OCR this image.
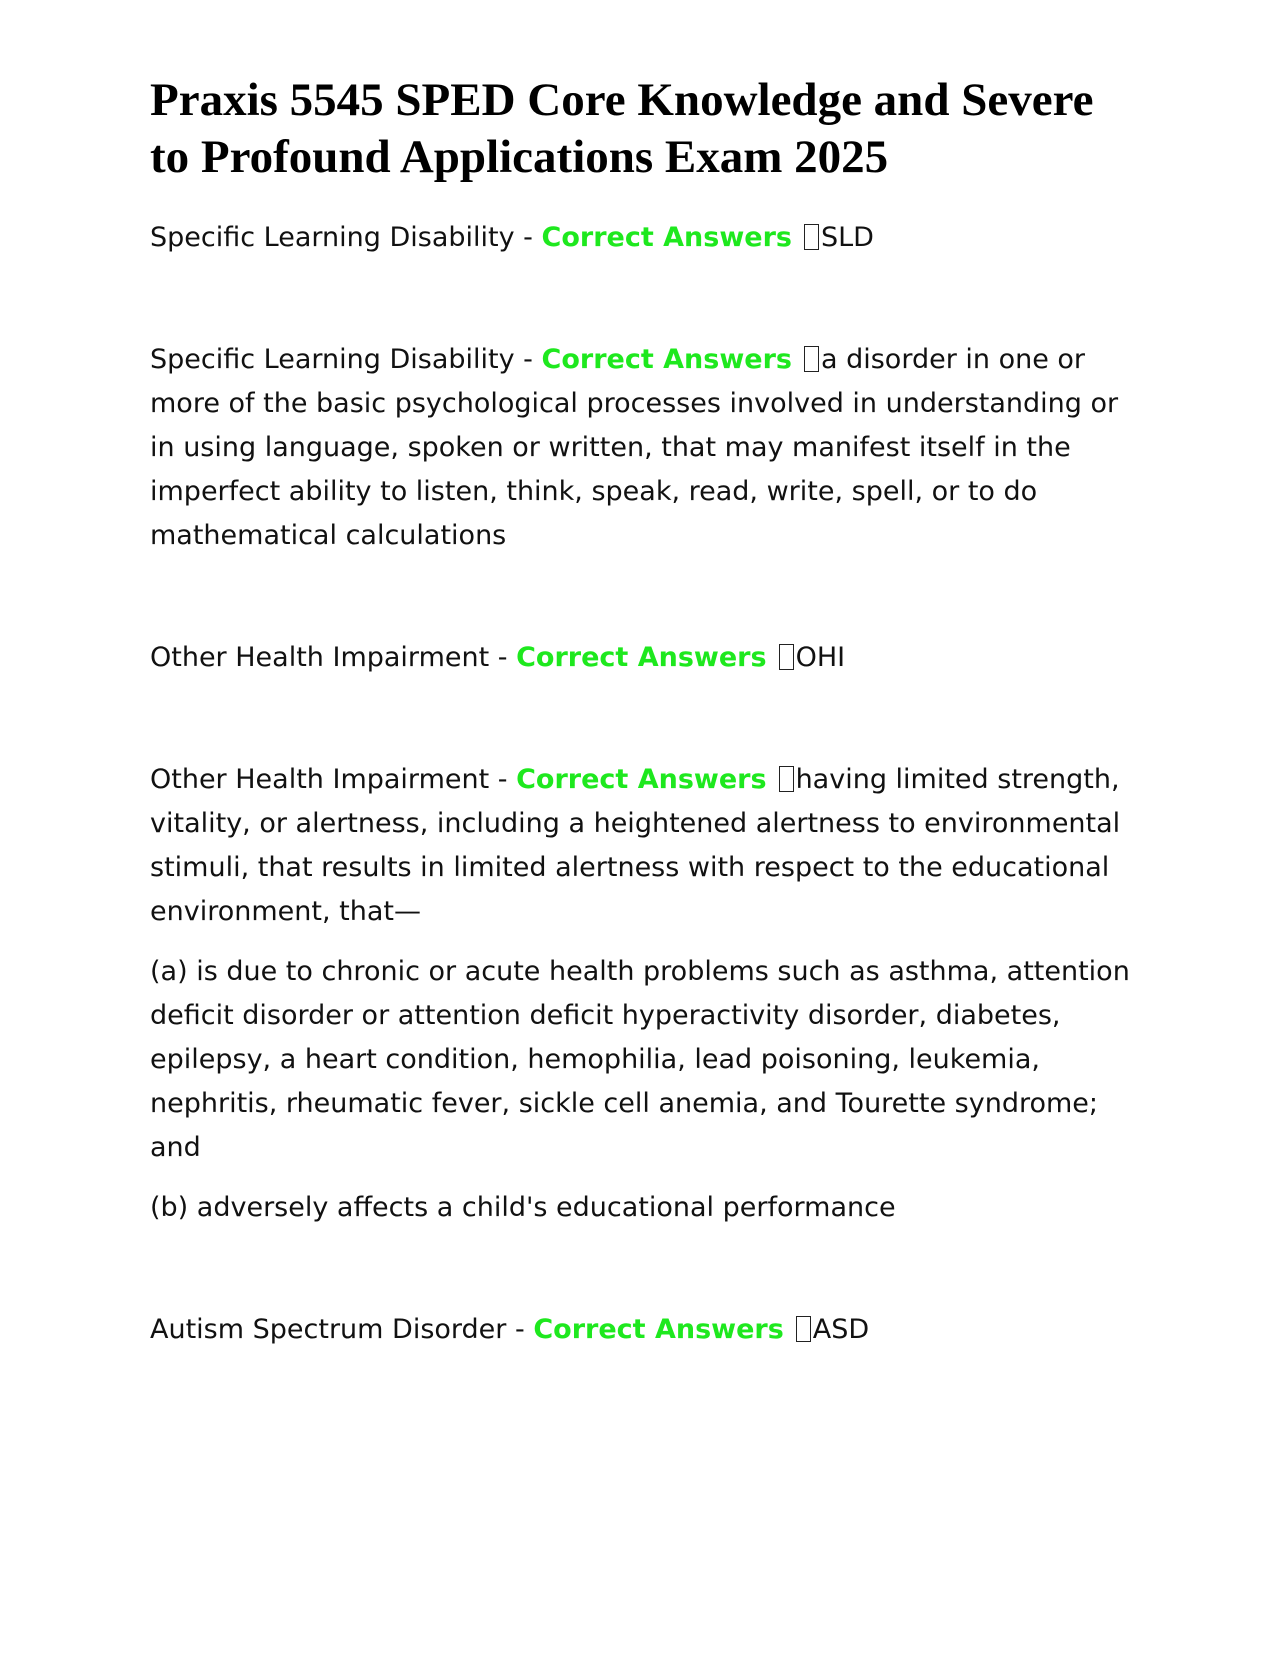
Praxis 5545 SPED Core Knowledge and Severe to Profound Applications Exam 2025

Specific Learning Disability - Correct Answers SLD

Specific Learning Disability - Correct Answers a disorder in one or more of the basic psychological processes involved in understanding or in using language, spoken or written, that may manifest itself in the imperfect ability to listen, think, speak, read, write, spell, or to do mathematical calculations

Other Health Impairment - Correct Answers OHI

Other Health Impairment - Correct Answers having limited strength, vitality, or alertness, including a heightened alertness to environmental stimuli, that results in limited alertness with respect to the educational environment, that—

(a) is due to chronic or acute health problems such as asthma, attention deficit disorder or attention deficit hyperactivity disorder, diabetes, epilepsy, a heart condition, hemophilia, lead poisoning, leukemia, nephritis, rheumatic fever, sickle cell anemia, and Tourette syndrome; and

(b) adversely affects a child's educational performance

Autism Spectrum Disorder - Correct Answers ASD
